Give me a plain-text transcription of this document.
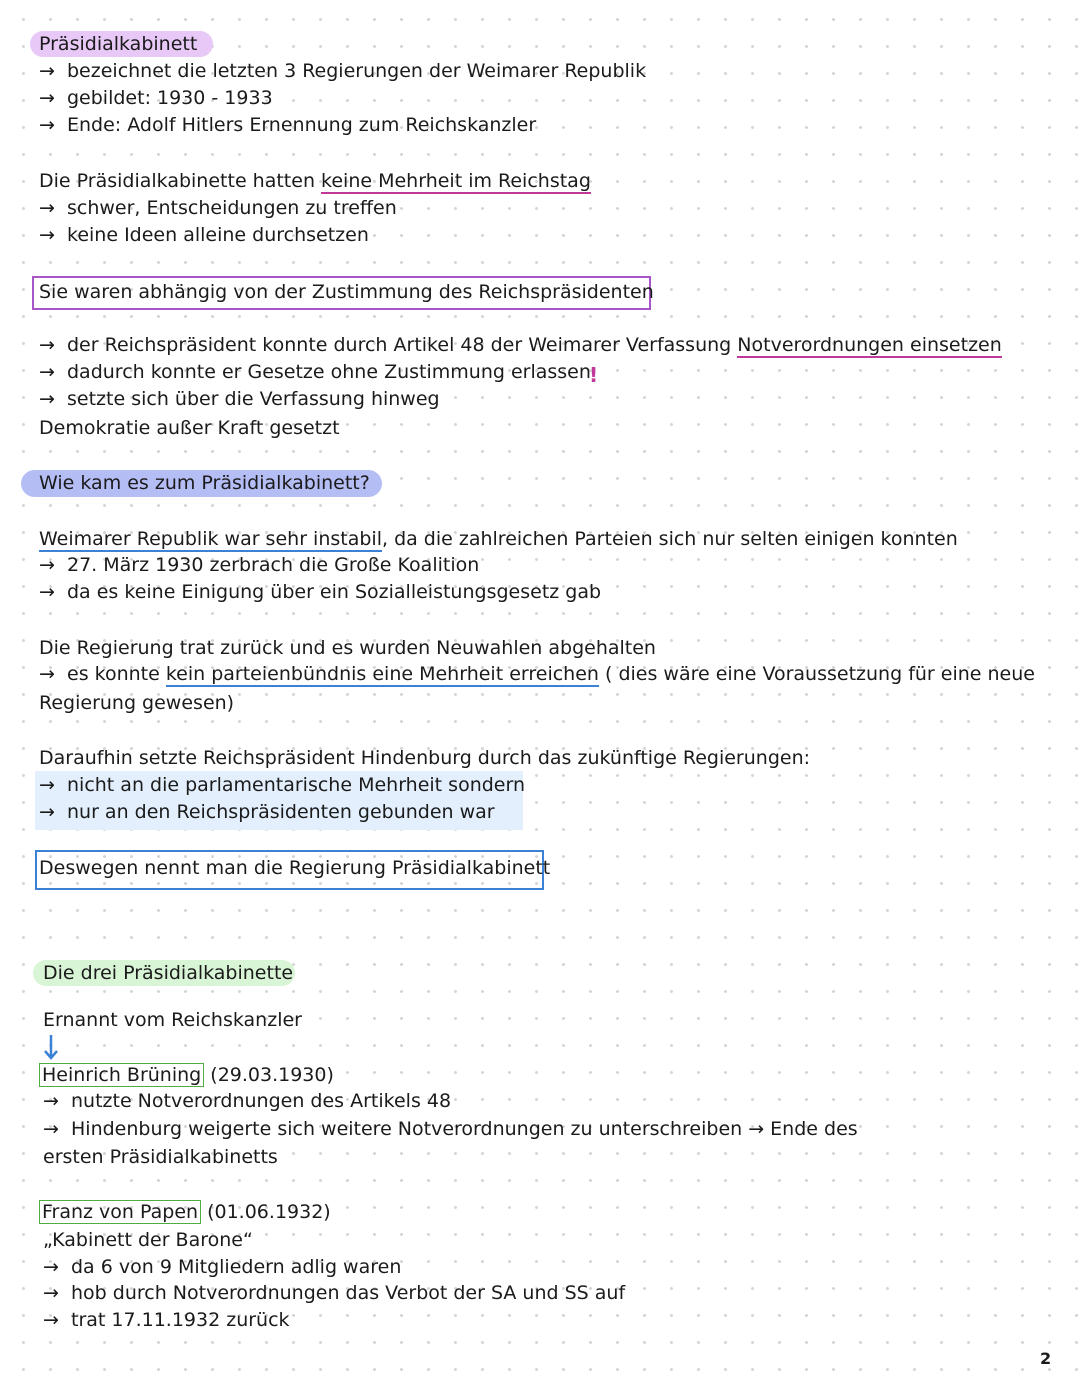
Präsidialkabinett
→ bezeichnet die letzten 3 Regierungen der Weimarer Republik
→ gebildet: 1930 - 1933
→ Ende: Adolf Hitlers Ernennung zum Reichskanzler
Die Präsidialkabinette hatten keine Mehrheit im Reichstag
→ schwer, Entscheidungen zu treffen
→ keine Ideen alleine durchsetzen
Sie waren abhängig von der Zustimmung des Reichspräsidenten
→ der Reichspräsident konnte durch Artikel 48 der Weimarer Verfassung Notverordnungen einsetzen
→ dadurch konnte er Gesetze ohne Zustimmung erlassen
!
→ setzte sich über die Verfassung hinweg
Demokratie außer Kraft gesetzt
Wie kam es zum Präsidialkabinett?
Weimarer Republik war sehr instabil, da die zahlreichen Parteien sich nur selten einigen konnten
→ 27. März 1930 zerbrach die Große Koalition
→ da es keine Einigung über ein Sozialleistungsgesetz gab
Die Regierung trat zurück und es wurden Neuwahlen abgehalten
→ es konnte kein parteienbündnis eine Mehrheit erreichen ( dies wäre eine Voraussetzung für eine neue
Regierung gewesen)
Daraufhin setzte Reichspräsident Hindenburg durch das zukünftige Regierungen:
→ nicht an die parlamentarische Mehrheit sondern
→ nur an den Reichspräsidenten gebunden war
Deswegen nennt man die Regierung Präsidialkabinett
Die drei Präsidialkabinette
Ernannt vom Reichskanzler
Heinrich Brüning (29.03.1930)
→ nutzte Notverordnungen des Artikels 48
→ Hindenburg weigerte sich weitere Notverordnungen zu unterschreiben → Ende des
ersten Präsidialkabinetts
Franz von Papen (01.06.1932)
„Kabinett der Barone“
→ da 6 von 9 Mitgliedern adlig waren
→ hob durch Notverordnungen das Verbot der SA und SS auf
→ trat 17.11.1932 zurück
2
